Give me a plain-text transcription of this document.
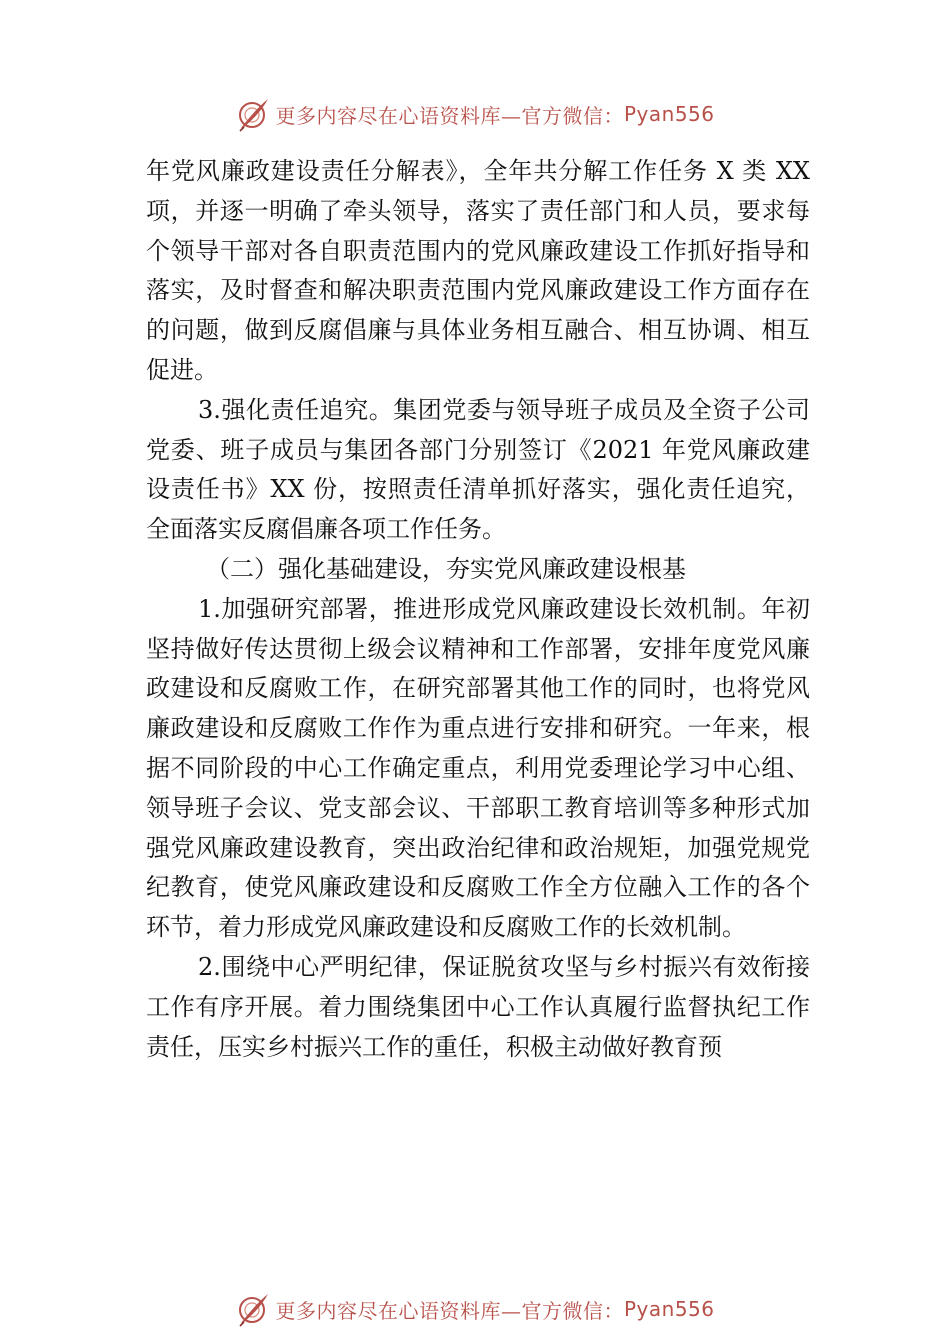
更多内容尽在心语资料库—官方微信： Pyan556

年党风廉政建设责任分解表》，全年共分解工作任务 X 类 XX 项，并逐一明确了牵头领导，落实了责任部门和人员，要求每个领导干部对各自职责范围内的党风廉政建设工作抓好指导和落实，及时督查和解决职责范围内党风廉政建设工作方面存在的问题，做到反腐倡廉与具体业务相互融合、相互协调、相互促进。

3.强化责任追究。集团党委与领导班子成员及全资子公司党委、班子成员与集团各部门分别签订《2021 年党风廉政建设责任书》XX 份，按照责任清单抓好落实，强化责任追究，全面落实反腐倡廉各项工作任务。

（二）强化基础建设，夯实党风廉政建设根基

1.加强研究部署，推进形成党风廉政建设长效机制。年初坚持做好传达贯彻上级会议精神和工作部署，安排年度党风廉政建设和反腐败工作，在研究部署其他工作的同时，也将党风廉政建设和反腐败工作作为重点进行安排和研究。一年来，根据不同阶段的中心工作确定重点，利用党委理论学习中心组、领导班子会议、党支部会议、干部职工教育培训等多种形式加强党风廉政建设教育，突出政治纪律和政治规矩，加强党规党纪教育，使党风廉政建设和反腐败工作全方位融入工作的各个环节，着力形成党风廉政建设和反腐败工作的长效机制。

2.围绕中心严明纪律，保证脱贫攻坚与乡村振兴有效衔接工作有序开展。着力围绕集团中心工作认真履行监督执纪工作责任，压实乡村振兴工作的重任，积极主动做好教育预

更多内容尽在心语资料库—官方微信： Pyan556
